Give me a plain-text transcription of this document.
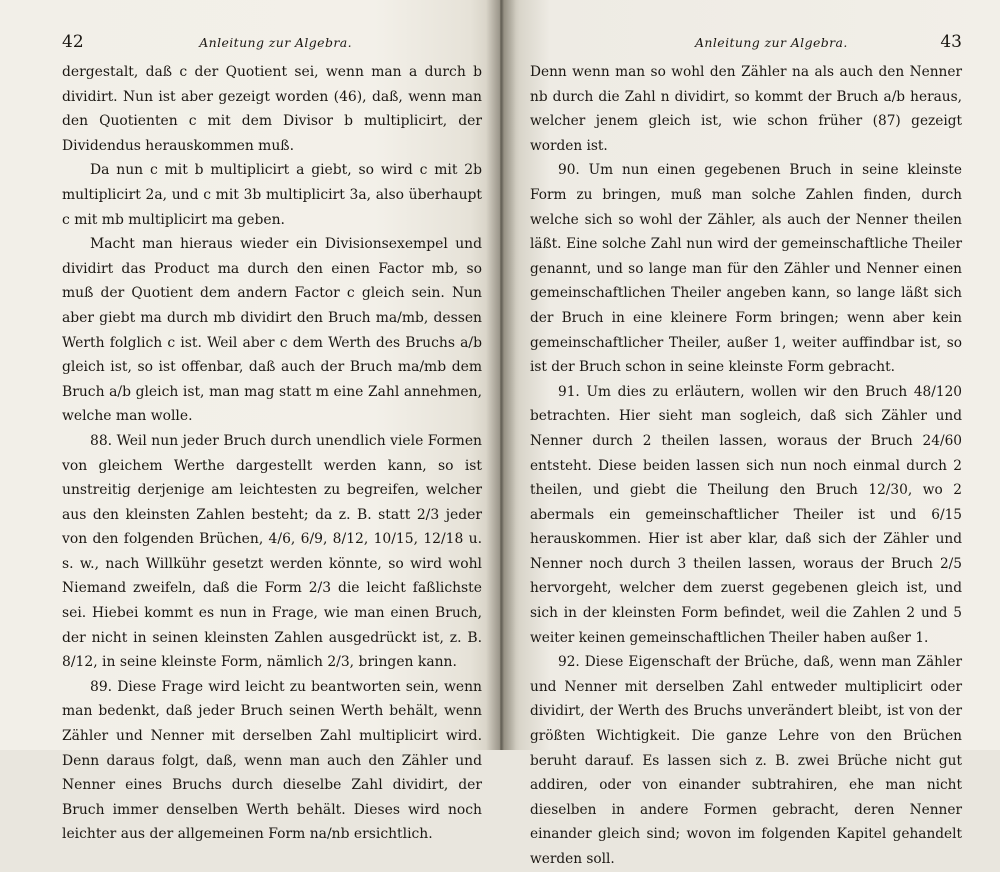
42	Anleitung zur Algebra.

dergestalt, daß c der Quotient sei, wenn man a durch b dividirt. Nun ist aber gezeigt worden (46), daß, wenn man den Quotienten c mit dem Divisor b multiplicirt, der Dividendus herauskommen muß.

Da nun c mit b multiplicirt a giebt, so wird c mit 2b multiplicirt 2a, und c mit 3b multiplicirt 3a, also überhaupt c mit mb multiplicirt ma geben.

Macht man hieraus wieder ein Divisionsexempel und dividirt das Product ma durch den einen Factor mb, so muß der Quotient dem andern Factor c gleich sein. Nun aber giebt ma durch mb dividirt den Bruch ma/mb, dessen Werth folglich c ist. Weil aber c dem Werth des Bruchs a/b gleich ist, so ist offenbar, daß auch der Bruch ma/mb dem Bruch a/b gleich ist, man mag statt m eine Zahl annehmen, welche man wolle.

88. Weil nun jeder Bruch durch unendlich viele Formen von gleichem Werthe dargestellt werden kann, so ist unstreitig derjenige am leichtesten zu begreifen, welcher aus den kleinsten Zahlen besteht; da z. B. statt 2/3 jeder von den folgenden Brüchen, 4/6, 6/9, 8/12, 10/15, 12/18 u. s. w., nach Willkühr gesetzt werden könnte, so wird wohl Niemand zweifeln, daß die Form 2/3 die leicht faßlichste sei. Hiebei kommt es nun in Frage, wie man einen Bruch, der nicht in seinen kleinsten Zahlen ausgedrückt ist, z. B. 8/12, in seine kleinste Form, nämlich 2/3, bringen kann.

89. Diese Frage wird leicht zu beantworten sein, wenn man bedenkt, daß jeder Bruch seinen Werth behält, wenn Zähler und Nenner mit derselben Zahl multiplicirt wird. Denn daraus folgt, daß, wenn man auch den Zähler und Nenner eines Bruchs durch dieselbe Zahl dividirt, der Bruch immer denselben Werth behält. Dieses wird noch leichter aus der allgemeinen Form na/nb ersichtlich.

Anleitung zur Algebra.	43

Denn wenn man so wohl den Zähler na als auch den Nenner nb durch die Zahl n dividirt, so kommt der Bruch a/b heraus, welcher jenem gleich ist, wie schon früher (87) gezeigt worden ist.

90. Um nun einen gegebenen Bruch in seine kleinste Form zu bringen, muß man solche Zahlen finden, durch welche sich so wohl der Zähler, als auch der Nenner theilen läßt. Eine solche Zahl nun wird der gemeinschaftliche Theiler genannt, und so lange man für den Zähler und Nenner einen gemeinschaftlichen Theiler angeben kann, so lange läßt sich der Bruch in eine kleinere Form bringen; wenn aber kein gemeinschaftlicher Theiler, außer 1, weiter auffindbar ist, so ist der Bruch schon in seine kleinste Form gebracht.

91. Um dies zu erläutern, wollen wir den Bruch 48/120 betrachten. Hier sieht man sogleich, daß sich Zähler und Nenner durch 2 theilen lassen, woraus der Bruch 24/60 entsteht. Diese beiden lassen sich nun noch einmal durch 2 theilen, und giebt die Theilung den Bruch 12/30, wo 2 abermals ein gemeinschaftlicher Theiler ist und 6/15 herauskommen. Hier ist aber klar, daß sich der Zähler und Nenner noch durch 3 theilen lassen, woraus der Bruch 2/5 hervorgeht, welcher dem zuerst gegebenen gleich ist, und sich in der kleinsten Form befindet, weil die Zahlen 2 und 5 weiter keinen gemeinschaftlichen Theiler haben außer 1.

92. Diese Eigenschaft der Brüche, daß, wenn man Zähler und Nenner mit derselben Zahl entweder multiplicirt oder dividirt, der Werth des Bruchs unverändert bleibt, ist von der größten Wichtigkeit. Die ganze Lehre von den Brüchen beruht darauf. Es lassen sich z. B. zwei Brüche nicht gut addiren, oder von einander subtrahiren, ehe man nicht dieselben in andere Formen gebracht, deren Nenner einander gleich sind; wovon im folgenden Kapitel gehandelt werden soll.
